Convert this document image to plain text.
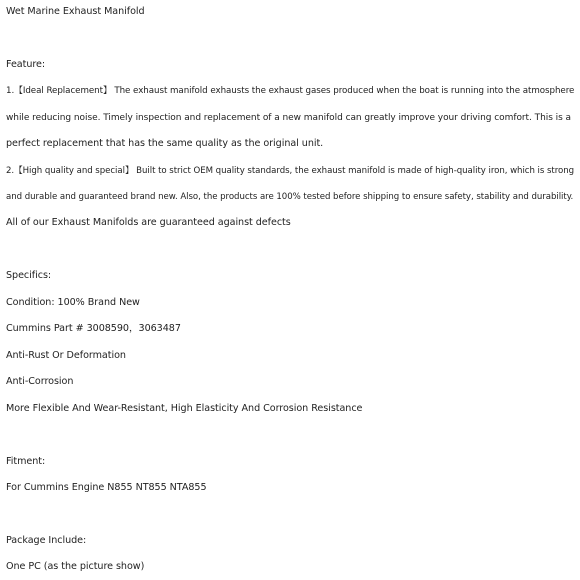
Wet Marine Exhaust Manifold
Feature:
1.【Ideal Replacement】 The exhaust manifold exhausts the exhaust gases produced when the boat is running into the atmosphere
while reducing noise. Timely inspection and replacement of a new manifold can greatly improve your driving comfort. This is a
perfect replacement that has the same quality as the original unit.
2.【High quality and special】 Built to strict OEM quality standards, the exhaust manifold is made of high-quality iron, which is strong
and durable and guaranteed brand new. Also, the products are 100% tested before shipping to ensure safety, stability and durability.
All of our Exhaust Manifolds are guaranteed against defects
Specifics:
Condition: 100% Brand New
Cummins Part # 3008590，3063487
Anti-Rust Or Deformation
Anti-Corrosion
More Flexible And Wear-Resistant, High Elasticity And Corrosion Resistance
Fitment:
For Cummins Engine N855 NT855 NTA855
Package Include:
One PC (as the picture show)
